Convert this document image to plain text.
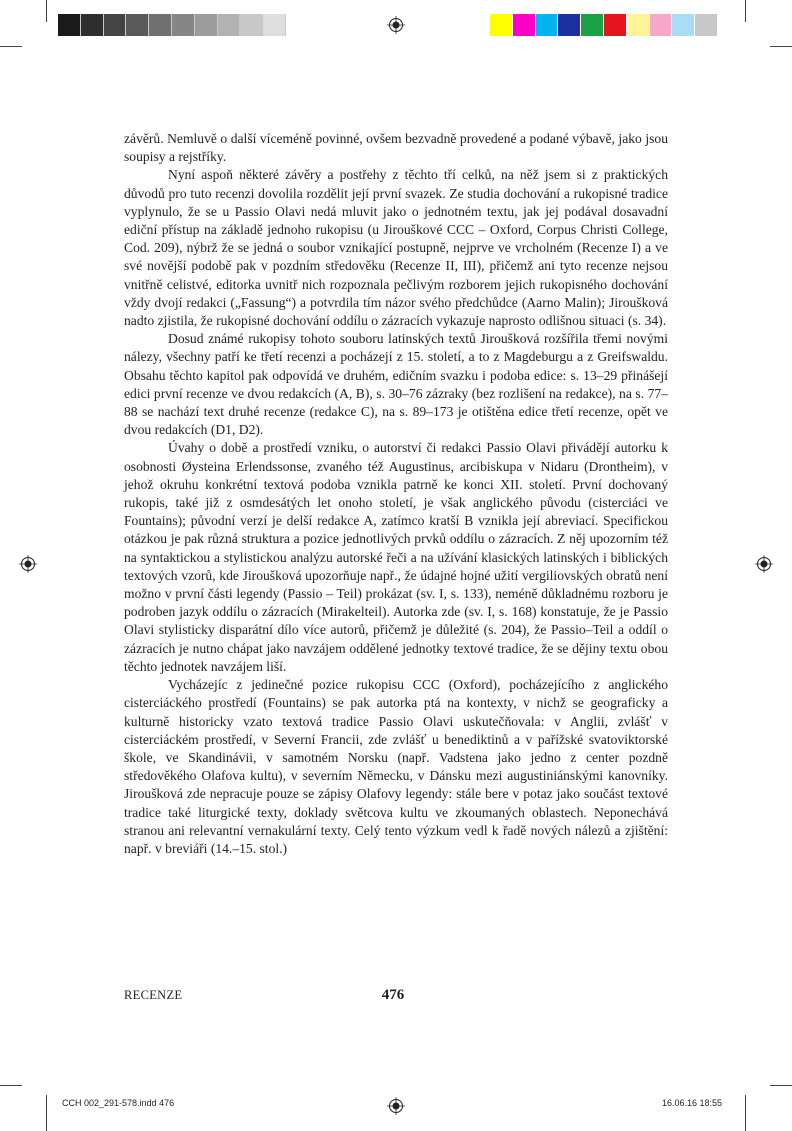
závěrů. Nemluvě o další víceméně povinné, ovšem bezvadně provedené a podané výbavě, jako jsou soupisy a rejstříky.

Nyní aspoň některé závěry a postřehy z těchto tří celků, na něž jsem si z praktických důvodů pro tuto recenzi dovolila rozdělit její první svazek. Ze studia dochování a rukopisné tradice vyplynulo, že se u Passio Olavi nedá mluvit jako o jednotném textu, jak jej podával dosavadní ediční přístup na základě jednoho rukopisu (u Jirouškové CCC – Oxford, Corpus Christi College, Cod. 209), nýbrž že se jedná o soubor vznikající postupně, nejprve ve vrcholném (Recenze I) a ve své novější podobě pak v pozdním středověku (Recenze II, III), přičemž ani tyto recenze nejsou vnitřně celistvé, editorka uvnitř nich rozpoznala pečlivým rozborem jejich rukopisného dochování vždy dvojí redakci („Fassung“) a potvrdila tím názor svého předchůdce (Aarno Malin); Jiroušková nadto zjistila, že rukopisné dochování oddílu o zázracích vykazuje naprosto odlišnou situaci (s. 34).

Dosud známé rukopisy tohoto souboru latinských textů Jiroušková rozšířila třemi novými nálezy, všechny patří ke třetí recenzi a pocházejí z 15. století, a to z Magdeburgu a z Greifswaldu. Obsahu těchto kapitol pak odpovídá ve druhém, edičním svazku i podoba edice: s. 13–29 přinášejí edici první recenze ve dvou redakcích (A, B), s. 30–76 zázraky (bez rozlišení na redakce), na s. 77–88 se nachází text druhé recenze (redakce C), na s. 89–173 je otištěna edice třetí recenze, opět ve dvou redakcích (D1, D2).

Úvahy o době a prostředí vzniku, o autorství či redakci Passio Olavi přivádějí autorku k osobnosti Øysteina Erlendssonse, zvaného též Augustinus, arcibiskupa v Nidaru (Drontheim), v jehož okruhu konkrétní textová podoba vznikla patrně ke konci XII. století. První dochovaný rukopis, také již z osmdesátých let onoho století, je však anglického původu (cisterciáci ve Fountains); původní verzí je delší redakce A, zatímco kratší B vznikla její abreviací. Specifickou otázkou je pak různá struktura a pozice jednotlivých prvků oddílu o zázracích. Z něj upozorním též na syntaktickou a stylistickou analýzu autorské řeči a na užívání klasických latinských i biblických textových vzorů, kde Jiroušková upozorňuje např., že údajné hojné užití vergiliovských obratů není možno v první části legendy (Passio – Teil) prokázat (sv. I, s. 133), neméně důkladnému rozboru je podroben jazyk oddílu o zázracích (Mirakelteil). Autorka zde (sv. I, s. 168) konstatuje, že je Passio Olavi stylisticky disparátní dílo více autorů, přičemž je důležité (s. 204), že Passio–Teil a oddíl o zázracích je nutno chápat jako navzájem oddělené jednotky textové tradice, že se dějiny textu obou těchto jednotek navzájem liší.

Vycházejíc z jedinečné pozice rukopisu CCC (Oxford), pocházejícího z anglického cisterciáckého prostředí (Fountains) se pak autorka ptá na kontexty, v nichž se geograficky a kulturně historicky vzato textová tradice Passio Olavi uskutečňovala: v Anglii, zvlášť v cisterciáckém prostředí, v Severní Francii, zde zvlášť u benediktinů a v pařížské svatoviktorské škole, ve Skandinávii, v samotném Norsku (např. Vadstena jako jedno z center pozdně středověkého Olafova kultu), v severním Německu, v Dánsku mezi augustiniánskými kanovníky. Jiroušková zde nepracuje pouze se zápisy Olafovy legendy: stále bere v potaz jako součást textové tradice také liturgické texty, doklady světcova kultu ve zkoumaných oblastech. Neponechává stranou ani relevantní vernakulární texty. Celý tento výzkum vedl k řadě nových nálezů a zjištění: např. v breviáři (14.–15. stol.)

RECENZE	476
CCH 002_291-578.indd 476	16.06.16 18:55
